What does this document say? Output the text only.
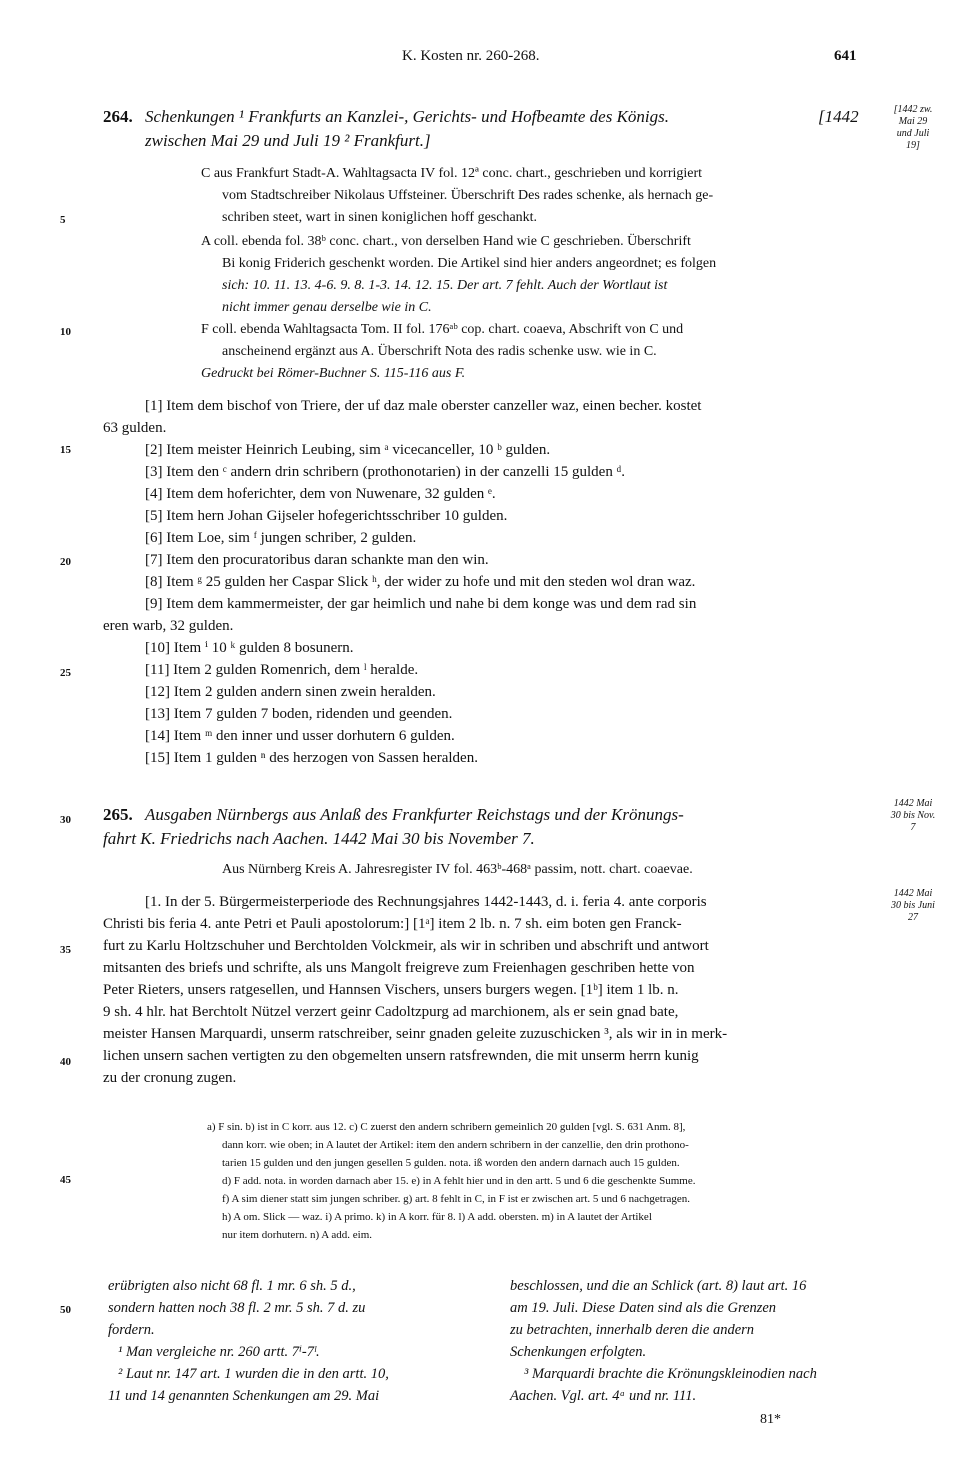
K. Kosten nr. 260-268.	641
5
10
15
20
25
30
35
40
45
50
264. Schenkungen ¹ Frankfurts an Kanzlei-, Gerichts- und Hofbeamte des Königs.	[1442
zwischen Mai 29 und Juli 19 ² Frankfurt.]
[1442 zw. Mai 29 und Juli 19]
C aus Frankfurt Stadt-A. Wahltagsacta IV fol. 12ª conc. chart., geschrieben und korrigiert
vom Stadtschreiber Nikolaus Uffsteiner. Überschrift Des rades schenke, als hernach ge-
schriben steet, wart in sinen koniglichen hoff geschankt.
A coll. ebenda fol. 38ᵇ conc. chart., von derselben Hand wie C geschrieben. Überschrift
Bi konig Friderich geschenkt worden. Die Artikel sind hier anders angeordnet; es folgen
sich: 10. 11. 13. 4-6. 9. 8. 1-3. 14. 12. 15. Der art. 7 fehlt. Auch der Wortlaut ist
nicht immer genau derselbe wie in C.
F coll. ebenda Wahltagsacta Tom. II fol. 176ᵃᵇ cop. chart. coaeva, Abschrift von C und
anscheinend ergänzt aus A. Überschrift Nota des radis schenke usw. wie in C.
Gedruckt bei Römer-Buchner S. 115-116 aus F.
[1] Item dem bischof von Triere, der uf daz male oberster canzeller waz, einen becher. kostet
63 gulden.
[2] Item meister Heinrich Leubing, sim ᵃ vicecanceller, 10 ᵇ gulden.
[3] Item den ᶜ andern drin schribern (prothonotarien) in der canzelli 15 gulden ᵈ.
[4] Item dem hoferichter, dem von Nuwenare, 32 gulden ᵉ.
[5] Item hern Johan Gijseler hofegerichtsschriber 10 gulden.
[6] Item Loe, sim ᶠ jungen schriber, 2 gulden.
[7] Item den procuratoribus daran schankte man den win.
[8] Item ᵍ 25 gulden her Caspar Slick ʰ, der wider zu hofe und mit den steden wol dran waz.
[9] Item dem kammermeister, der gar heimlich und nahe bi dem konge was und dem rad sin
eren warb, 32 gulden.
[10] Item ⁱ 10 ᵏ gulden 8 bosunern.
[11] Item 2 gulden Romenrich, dem ˡ heralde.
[12] Item 2 gulden andern sinen zwein heralden.
[13] Item 7 gulden 7 boden, ridenden und geenden.
[14] Item ᵐ den inner und usser dorhutern 6 gulden.
[15] Item 1 gulden ⁿ des herzogen von Sassen heralden.
265. Ausgaben Nürnbergs aus Anlaß des Frankfurter Reichstags und der Krönungs-
fahrt K. Friedrichs nach Aachen. 1442 Mai 30 bis November 7.
1442 Mai 30 bis Nov. 7
Aus Nürnberg Kreis A. Jahresregister IV fol. 463ᵇ-468ᵃ passim, nott. chart. coaevae.
1442 Mai 30 bis Juni 27
[1. In der 5. Bürgermeisterperiode des Rechnungsjahres 1442-1443, d. i. feria 4. ante corporis
Christi bis feria 4. ante Petri et Pauli apostolorum:] [1ᵃ] item 2 lb. n. 7 sh. eim boten gen Franck-
furt zu Karlu Holtzschuher und Berchtolden Volckmeir, als wir in schriben und abschrift und antwort
mitsanten des briefs und schrifte, als uns Mangolt freigreve zum Freienhagen geschriben hette von
Peter Rieters, unsers ratgesellen, und Hannsen Vischers, unsers burgers wegen. [1ᵇ] item 1 lb. n.
9 sh. 4 hlr. hat Berchtolt Nützel verzert geinr Cadoltzpurg ad marchionem, als er sein gnad bate,
meister Hansen Marquardi, unserm ratschreiber, seinr gnaden geleite zuzuschicken ³, als wir in in merk-
lichen unsern sachen vertigten zu den obgemelten unsern ratsfrewnden, die mit unserm herrn kunig
zu der cronung zugen.
a) F sin. b) ist in C korr. aus 12. c) C zuerst den andern schribern gemeinlich 20 gulden [vgl. S. 631 Anm. 8],
dann korr. wie oben; in A lautet der Artikel: item den andern schribern in der canzellie, den drin prothono-
tarien 15 gulden und den jungen gesellen 5 gulden. nota. iß worden den andern darnach auch 15 gulden.
d) F add. nota. in worden darnach aber 15. e) in A fehlt hier und in den artt. 5 und 6 die geschenkte Summe.
f) A sim diener statt sim jungen schriber. g) art. 8 fehlt in C, in F ist er zwischen art. 5 und 6 nachgetragen.
h) A om. Slick — waz. i) A primo. k) in A korr. für 8. l) A add. obersten. m) in A lautet der Artikel
nur item dorhutern. n) A add. eim.
erübrigten also nicht 68 fl. 1 mr. 6 sh. 5 d.,
sondern hatten noch 38 fl. 2 mr. 5 sh. 7 d. zu
fordern.
¹ Man vergleiche nr. 260 artt. 7ⁱ-7ˡ.
² Laut nr. 147 art. 1 wurden die in den artt. 10,
11 und 14 genannten Schenkungen am 29. Mai
beschlossen, und die an Schlick (art. 8) laut art. 16
am 19. Juli. Diese Daten sind als die Grenzen
zu betrachten, innerhalb deren die andern
Schenkungen erfolgten.
³ Marquardi brachte die Krönungskleinodien nach
Aachen. Vgl. art. 4ᵃ und nr. 111.
81*
